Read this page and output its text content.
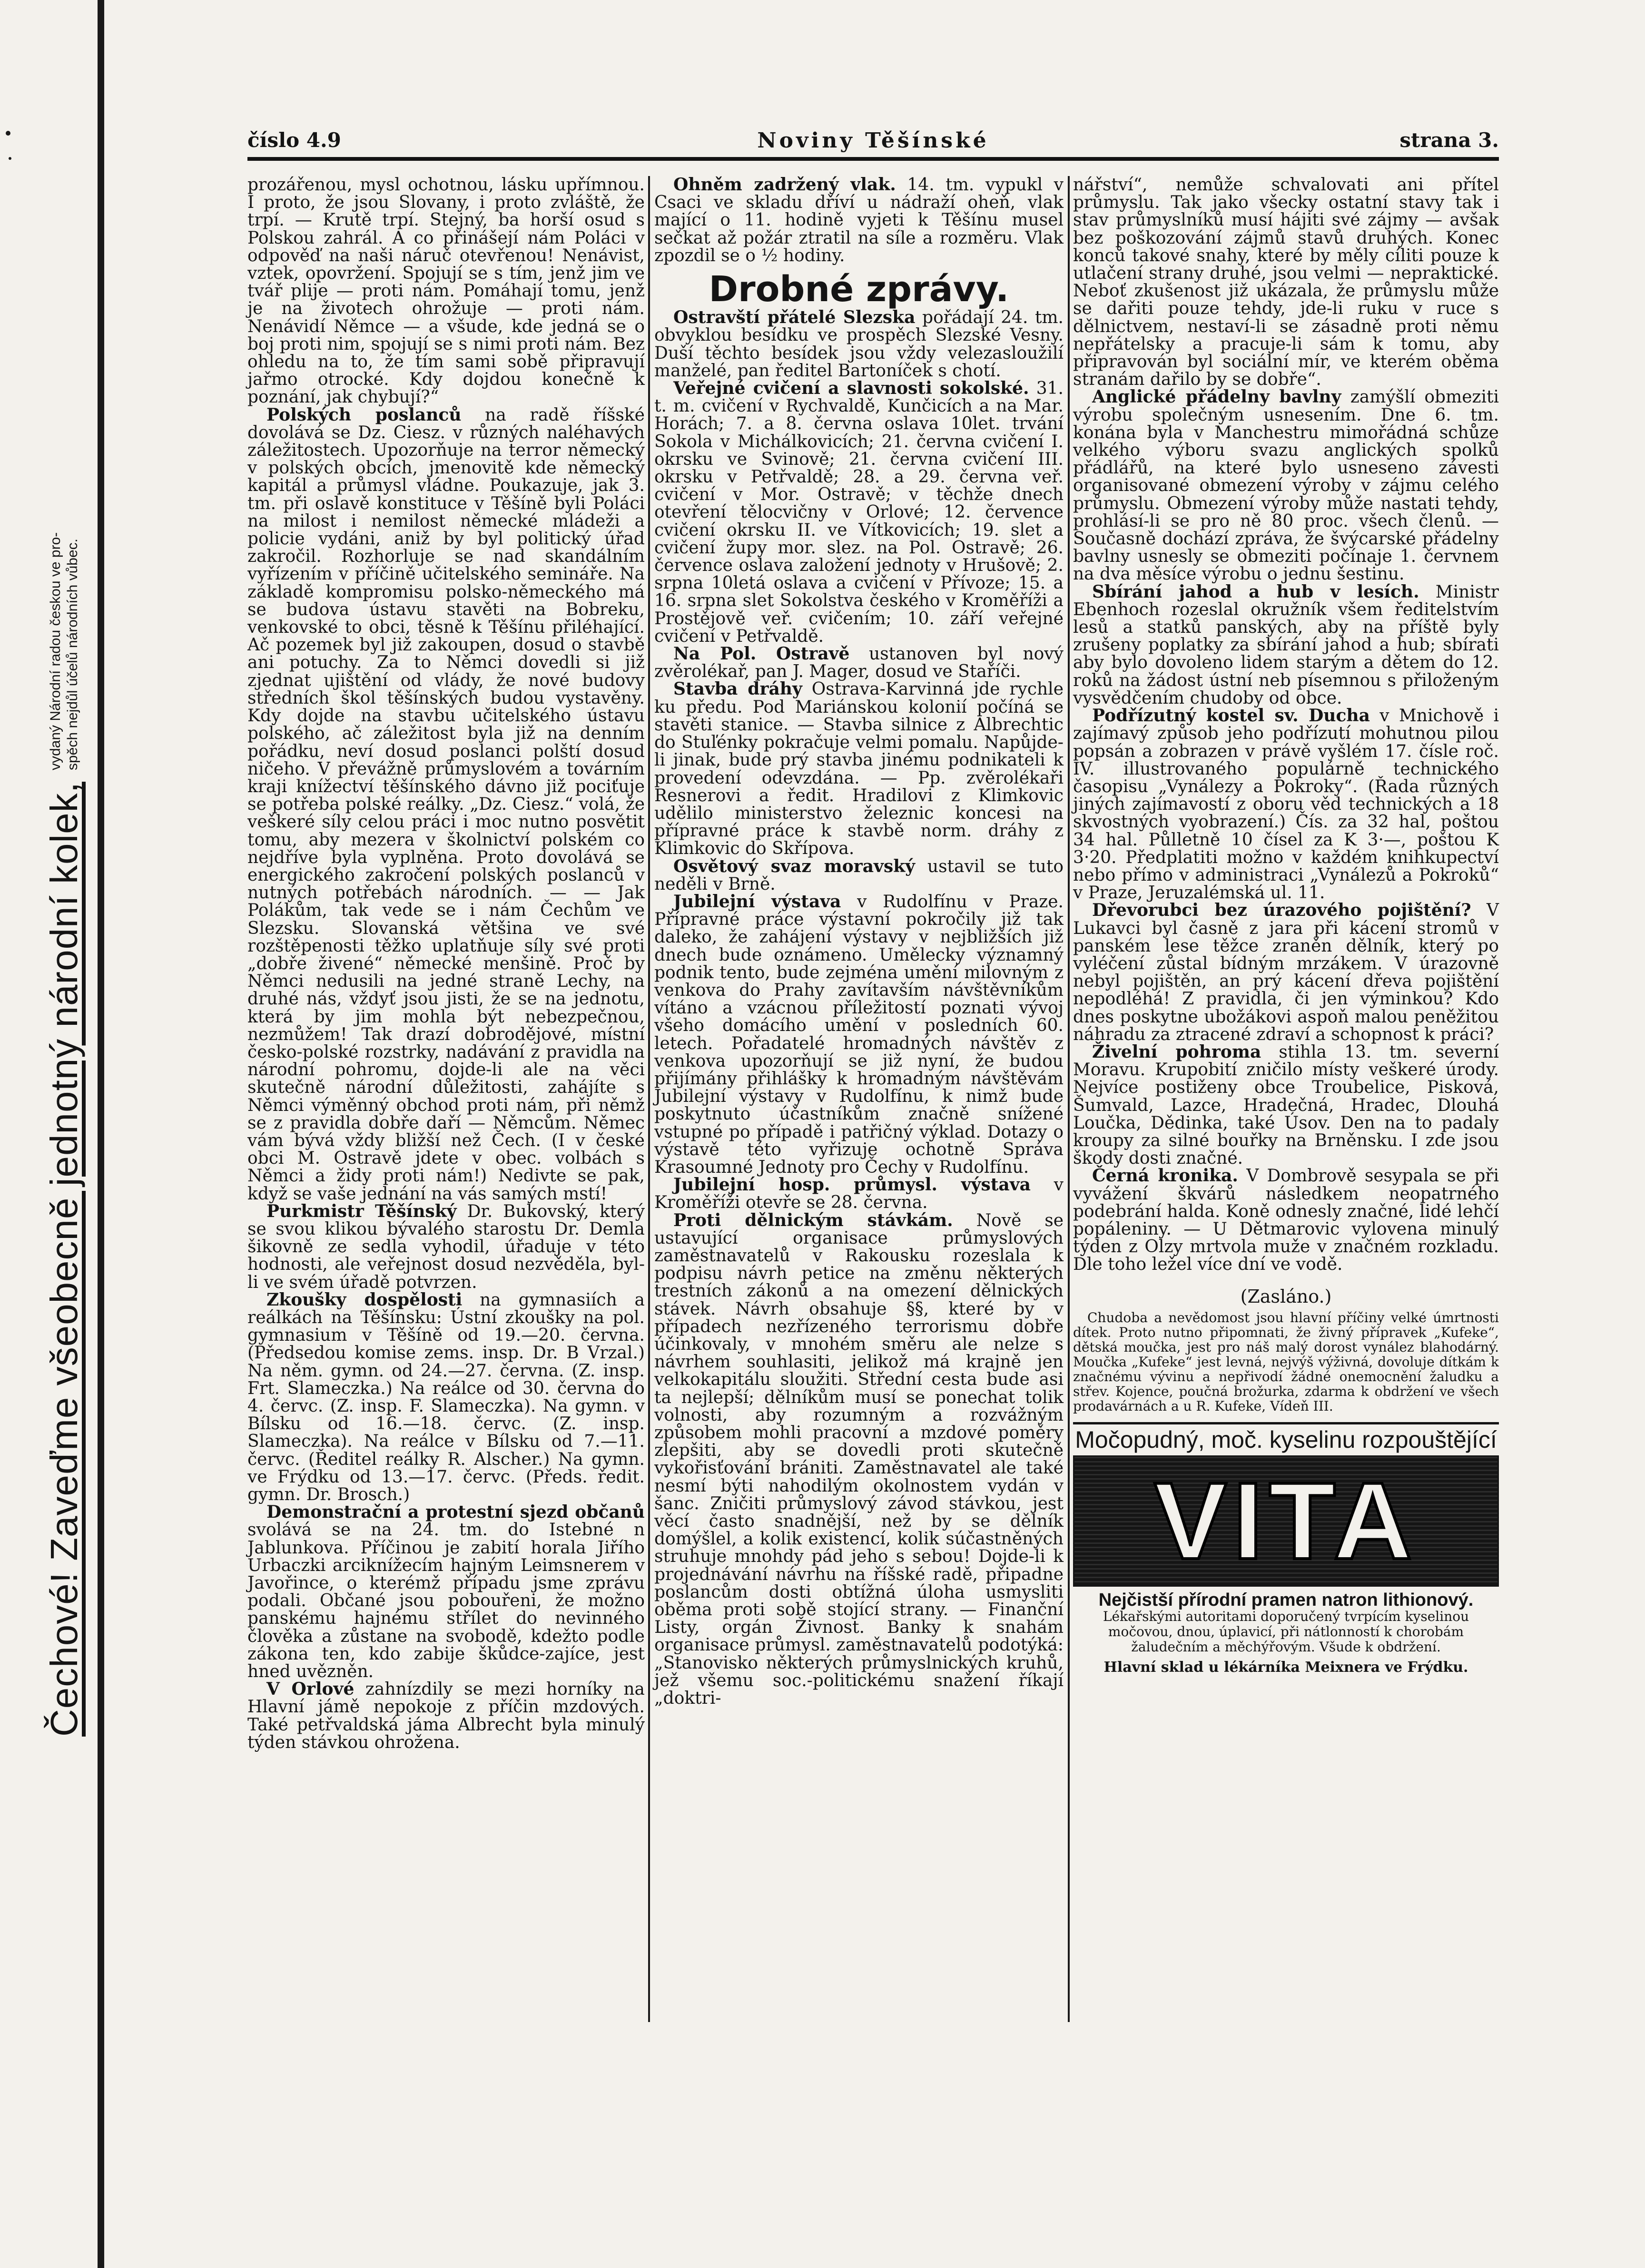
Čechové! Zaveďme všeobecně jednotný národní kolek,
vydaný Národní radou českou ve pro- spěch nejdůl účelů národních vůbec.
Noviny Těšínské
číslo 4.9	strana 3.

prozářenou, mysl ochotnou, lásku upřímnou. I proto, že jsou Slovany, i proto zvláště, že trpí. — Krutě trpí. Stejný, ba horší osud s Polskou zahrál. A co přinášejí nám Poláci v odpověď na naši náruč otevřenou! Nenávist, vztek, opovržení. Spojují se s tím, jenž jim ve tvář plije — proti nám. Pomáhají tomu, jenž je na životech ohrožuje — proti nám. Nenávidí Němce — a všude, kde jedná se o boj proti nim, spojují se s nimi proti nám. Bez ohledu na to, že tím sami sobě připravují jařmo otrocké. Kdy dojdou konečně k poznání, jak chybují?“

Polských poslanců na radě říšské dovolává se Dz. Ciesz. v různých naléhavých záležitostech. Upozorňuje na terror německý v polských obcích, jmenovitě kde německý kapitál a průmysl vládne. Poukazuje, jak 3. tm. při oslavě konstituce v Těšíně byli Poláci na milost i nemilost německé mládeži a policie vydáni, aniž by byl politický úřad zakročil. Rozhorluje se nad skandálním vyřízením v příčině učitelského semináře. Na základě kompromisu polsko-německého má se budova ústavu stavěti na Bobreku, venkovské to obci, těsně k Těšínu přiléhající. Ač pozemek byl již zakoupen, dosud o stavbě ani potuchy. Za to Němci dovedli si již zjednat ujištění od vlády, že nové budovy středních škol těšínských budou vystavěny. Kdy dojde na stavbu učitelského ústavu polského, ač záležitost byla již na denním pořádku, neví dosud poslanci polští dosud ničeho. V převážně průmyslovém a továrním kraji knížectví těšínského dávno již pociťuje se potřeba polské reálky. „Dz. Ciesz.“ volá, že veškeré síly celou práci i moc nutno posvětit tomu, aby mezera v školnictví polském co nejdříve byla vyplněna. Proto dovolává se energického zakročení polských poslanců v nutných potřebách národních. — — Jak Polákům, tak vede se i nám Čechům ve Slezsku. Slovanská většina ve své rozštěpenosti těžko uplatňuje síly své proti „dobře živené“ německé menšině. Proč by Němci nedusili na jedné straně Lechy, na druhé nás, vždyť jsou jisti, že se na jednotu, která by jim mohla být nebezpečnou, nezmůžem! Tak drazí dobrodějové, místní česko-polské rozstrky, nadávání z pravidla na národní pohromu, dojde-li ale na věci skutečně národní důležitosti, zahájíte s Němci výměnný obchod proti nám, při němž se z pravidla dobře daří — Němcům. Němec vám bývá vždy bližší než Čech. (I v české obci M. Ostravě jdete v obec. volbách s Němci a židy proti nám!) Nedivte se pak, když se vaše jednání na vás samých mstí!

Purkmistr Těšínský Dr. Bukovský, který se svou klikou bývalého starostu Dr. Demla šikovně ze sedla vyhodil, úřaduje v této hodnosti, ale veřejnost dosud nezvěděla, byl-li ve svém úřadě potvrzen.

Zkoušky dospělosti na gymnasiích a reálkách na Těšínsku: Ústní zkoušky na pol. gymnasium v Těšíně od 19.—20. června. (Předsedou komise zems. insp. Dr. B Vrzal.) Na něm. gymn. od 24.—27. června. (Z. insp. Frt. Slameczka.) Na reálce od 30. června do 4. červc. (Z. insp. F. Slameczka). Na gymn. v Bílsku od 16.—18. červc. (Z. insp. Slameczka). Na reálce v Bílsku od 7.—11. červc. (Ředitel reálky R. Alscher.) Na gymn. ve Frýdku od 13.—17. červc. (Předs. ředit. gymn. Dr. Brosch.)

Demonstrační a protestní sjezd občanů svolává se na 24. tm. do Istebné n Jablunkova. Příčinou je zabití horala Jiřího Urbaczki arciknížecím hajným Leimsnerem v Javořince, o kterémž případu jsme zprávu podali. Občané jsou pobouřeni, že možno panskému hajnému střílet do nevinného člověka a zůstane na svobodě, kdežto podle zákona ten, kdo zabije škůdce-zajíce, jest hned uvězněn.

V Orlové zahnízdily se mezi horníky na Hlavní jámě nepokoje z příčin mzdových. Také petřvaldská jáma Albrecht byla minulý týden stávkou ohrožena.

Ohněm zadržený vlak. 14. tm. vypukl v Csaci ve skladu dříví u nádraží oheň, vlak mající o 11. hodině vyjeti k Těšínu musel sečkat až požár ztratil na síle a rozměru. Vlak zpozdil se o ½ hodiny.

Drobné zprávy.

Ostravští přátelé Slezska pořádají 24. tm. obvyklou besídku ve prospěch Slezské Vesny. Duší těchto besídek jsou vždy velezasloužilí manželé, pan ředitel Bartoníček s chotí.

Veřejné cvičení a slavnosti sokolské. 31. t. m. cvičení v Rychvaldě, Kunčicích a na Mar. Horách; 7. a 8. června oslava 10let. trvání Sokola v Michálkovicích; 21. června cvičení I. okrsku ve Svinově; 21. června cvičení III. okrsku v Petřvaldě; 28. a 29. června veř. cvičení v Mor. Ostravě; v těchže dnech otevření tělocvičny v Orlové; 12. července cvičení okrsku II. ve Vítkovicích; 19. slet a cvičení župy mor. slez. na Pol. Ostravě; 26. července oslava založení jednoty v Hrušově; 2. srpna 10letá oslava a cvičení v Přívoze; 15. a 16. srpna slet Sokolstva českého v Kroměříži a Prostějově veř. cvičením; 10. září veřejné cvičení v Petřvaldě.

Na Pol. Ostravě ustanoven byl nový zvěrolékař, pan J. Mager, dosud ve Staříči.

Stavba dráhy Ostrava-Karvinná jde rychle ku předu. Pod Mariánskou kolonií počíná se stavěti stanice. — Stavba silnice z Albrechtic do Stuľénky pokračuje velmi pomalu. Napůjde-li jinak, bude prý stavba jinému podnikateli k provedení odevzdána. — Pp. zvěrolékaři Resnerovi a ředit. Hradilovi z Klimkovic udělilo ministerstvo železnic koncesi na přípravné práce k stavbě norm. dráhy z Klimkovic do Skřípova.

Osvětový svaz moravský ustavil se tuto neděli v Brně.

Jubilejní výstava v Rudolfínu v Praze. Přípravné práce výstavní pokročily již tak daleko, že zahájení výstavy v nejbližších již dnech bude oznámeno. Umělecky významný podnik tento, bude zejména umění milovným z venkova do Prahy zavítavším návštěvníkům vítáno a vzácnou příležitostí poznati vývoj všeho domácího umění v posledních 60. letech. Pořadatelé hromadných návštěv z venkova upozorňují se již nyní, že budou přijímány přihlášky k hromadným návštěvám Jubilejní výstavy v Rudolfínu, k nimž bude poskytnuto účastníkům značně snížené vstupné po případě i patřičný výklad. Dotazy o výstavě této vyřizuje ochotně Správa Krasoumné Jednoty pro Čechy v Rudolfínu.

Jubilejní hosp. průmysl. výstava v Kroměříži otevře se 28. června.

Proti dělnickým stávkám. Nově se ustavující organisace průmyslových zaměstnavatelů v Rakousku rozeslala k podpisu návrh petice na změnu některých trestních zákonů a na omezení dělnických stávek. Návrh obsahuje §§, které by v případech nezřízeného terrorismu dobře účinkovaly, v mnohém směru ale nelze s návrhem souhlasiti, jelikož má krajně jen velkokapitálu sloužiti. Střední cesta bude asi ta nejlepší; dělníkům musí se ponechat tolik volnosti, aby rozumným a rozvážným způsobem mohli pracovní a mzdové poměry zlepšiti, aby se dovedli proti skutečně vykořisťování brániti. Zaměstnavatel ale také nesmí býti nahodilým okolnostem vydán v šanc. Zničiti průmyslový závod stávkou, jest věcí často snadnější, než by se dělník domýšlel, a kolik existencí, kolik súčastněných struhuje mnohdy pád jeho s sebou! Dojde-li k projednávání návrhu na říšské radě, připadne poslancům dosti obtížná úloha usmysliti oběma proti sobě stojící strany. — Finanční Listy, orgán Živnost. Banky k snahám organisace průmysl. zaměstnavatelů podotýká: „Stanovisko některých průmyslnických kruhů, jež všemu soc.-politickému snažení říkají „doktri-

nářství“, nemůže schvalovati ani přítel průmyslu. Tak jako všecky ostatní stavy tak i stav průmyslníků musí hájiti své zájmy — avšak bez poškozování zájmů stavů druhých. Konec konců takové snahy, které by měly cíliti pouze k utlačení strany druhé, jsou velmi — nepraktické. Neboť zkušenost již ukázala, že průmyslu může se dařiti pouze tehdy, jde-li ruku v ruce s dělnictvem, nestaví-li se zásadně proti němu nepřátelsky a pracuje-li sám k tomu, aby připravován byl sociální mír, ve kterém oběma stranám dařilo by se dobře“.

Anglické přádelny bavlny zamýšlí obmeziti výrobu společným usnesením. Dne 6. tm. konána byla v Manchestru mimořádná schůze velkého výboru svazu anglických spolků přádlářů, na které bylo usneseno závesti organisované obmezení výroby v zájmu celého průmyslu. Obmezení výroby může nastati tehdy, prohlásí-li se pro ně 80 proc. všech členů. — Současně dochází zpráva, že švýcarské přádelny bavlny usnesly se obmeziti počínaje 1. červnem na dva měsíce výrobu o jednu šestinu.

Sbírání jahod a hub v lesích. Ministr Ebenhoch rozeslal okružník všem ředitelstvím lesů a statků panských, aby na příště byly zrušeny poplatky za sbírání jahod a hub; sbírati aby bylo dovoleno lidem starým a dětem do 12. roků na žádost ústní neb písemnou s přiloženým vysvědčením chudoby od obce.

Podřízutný kostel sv. Ducha v Mnichově i zajímavý způsob jeho podřízutí mohutnou pilou popsán a zobrazen v právě vyšlém 17. čísle roč. IV. illustrovaného populárně technického časopisu „Vynálezy a Pokroky“. (Řada různých jiných zajímavostí z oboru věd technických a 18 skvostných vyobrazení.) Čís. za 32 hal, poštou 34 hal. Půlletně 10 čísel za K 3·—, poštou K 3·20. Předplatiti možno v každém knihkupectví nebo přímo v administraci „Vynálezů a Pokroků“ v Praze, Jeruzalémská ul. 11.

Dřevorubci bez úrazového pojištění? V Lukavci byl časně z jara při kácení stromů v panském lese těžce zraněn dělník, který po vyléčení zůstal bídným mrzákem. V úrazovně nebyl pojištěn, an prý kácení dřeva pojištění nepodléhá! Z pravidla, či jen výminkou? Kdo dnes poskytne ubožákovi aspoň malou peněžitou náhradu za ztracené zdraví a schopnost k práci?

Živelní pohroma stihla 13. tm. severní Moravu. Krupobití zničilo místy veškeré úrody. Nejvíce postiženy obce Troubelice, Pisková, Šumvald, Lazce, Hradečná, Hradec, Dlouhá Loučka, Dědinka, také Úsov. Den na to padaly kroupy za silné bouřky na Brněnsku. I zde jsou škody dosti značné.

Černá kronika. V Dombrově sesypala se při vyvážení škvárů následkem neopatrného podebrání halda. Koně odnesly značné, lidé lehčí popáleniny. — U Dětmarovic vylovena minulý týden z Olzy mrtvola muže v značném rozkladu. Dle toho ležel více dní ve vodě.

(Zasláno.)

Chudoba a nevědomost jsou hlavní příčiny velké úmrtnosti dítek. Proto nutno připomnati, že živný přípravek „Kufeke“, dětská moučka, jest pro náš malý dorost vynález blahodárný. Moučka „Kufeke“ jest levná, nejvýš výživná, dovoluje dítkám k značnému vývinu a nepřivodí žádné onemocnění žaludku a střev. Kojence, poučná brožurka, zdarma k obdržení ve všech prodavárnách a u R. Kufeke, Vídeň III.

Močopudný, moč. kyselinu rozpouštějící
VITA
Nejčistší přírodní pramen natron lithionový.
Lékařskými autoritami doporučený tvrpícím kyselinou močovou, dnou, úplavicí, při nátlonností k chorobám žaludečním a měchýřovým. Všude k obdržení.
Hlavní sklad u lékárníka Meixnera ve Frýdku.
